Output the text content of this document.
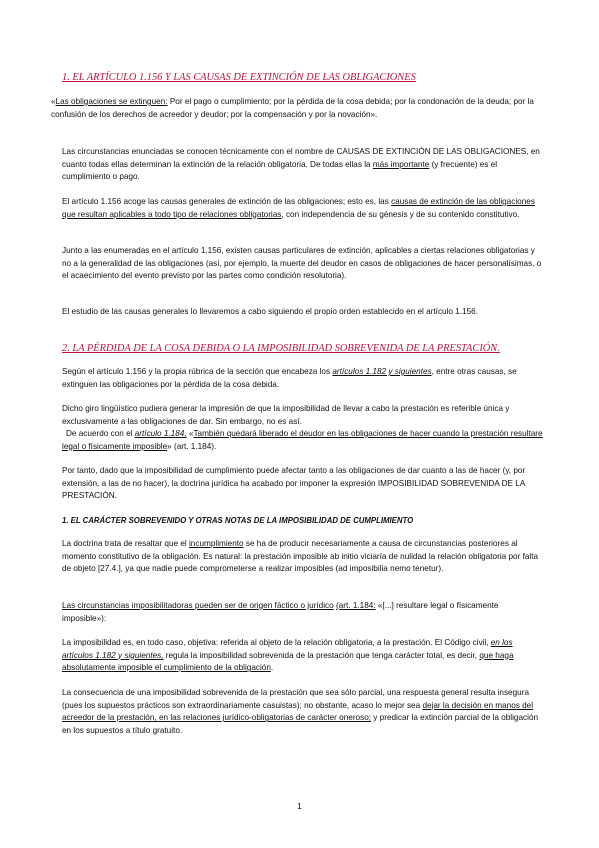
1. EL ARTÍCULO 1.156 Y LAS CAUSAS DE EXTINCIÓN DE LAS OBLIGACIONES

«Las obligaciones se extinguen: Por el pago o cumplimiento; por la pérdida de la cosa debida; por la condonación de la deuda; por la confusión de los derechos de acreedor y deudor; por la compensación y por la novación».

Las circunstancias enunciadas se conocen técnicamente con el nombre de CAUSAS DE EXTINCIÓN DE LAS OBLIGACIONES, en cuanto todas ellas determinan la extinción de la relación obligatoria. De todas ellas la más importante (y frecuente) es el cumplimiento o pago.

El artículo 1.156 acoge las causas generales de extinción de las obligaciones; esto es, las causas de extinción de las obligaciones que resultan aplicables a todo tipo de relaciones obligatorias, con independencia de su génesis y de su contenido constitutivo.

Junto a las enumeradas en el artículo 1.156, existen causas particulares de extinción, aplicables a ciertas relaciones obligatorias y no a la generalidad de las obligaciones (así, por ejemplo, la muerte del deudor en casos de obligaciones de hacer personalísimas, o el acaecimiento del evento previsto por las partes como condición resolutoria).

El estudio de las causas generales lo llevaremos a cabo siguiendo el propio orden establecido en el artículo 1.156.

2. LA PÉRDIDA DE LA COSA DEBIDA O LA IMPOSIBILIDAD SOBREVENIDA DE LA PRESTACIÓN.

Según el artículo 1.156 y la propia rúbrica de la sección que encabeza los artículos 1.182 y siguientes, entre otras causas, se extinguen las obligaciones por la pérdida de la cosa debida.

Dicho giro lingüístico pudiera generar la impresión de que la imposibilidad de llevar a cabo la prestación es referible única y exclusivamente a las obligaciones de dar. Sin embargo, no es así.

De acuerdo con el artículo 1.184, «También quedará liberado el deudor en las obligaciones de hacer cuando la prestación resultare legal o físicamente imposible» (art. 1.184).

Por tanto, dado que la imposibilidad de cumplimiento puede afectar tanto a las obligaciones de dar cuanto a las de hacer (y, por extensión, a las de no hacer), la doctrina jurídica ha acabado por imponer la expresión IMPOSIBILIDAD SOBREVENIDA DE LA PRESTACIÓN.

1. EL CARÁCTER SOBREVENIDO Y OTRAS NOTAS DE LA IMPOSIBILIDAD DE CUMPLIMIENTO

La doctrina trata de resaltar que el incumplimiento se ha de producir necesariamente a causa de circunstancias posteriores al momento constitutivo de la obligación. Es natural: la prestación imposible ab initio viciaría de nulidad la relación obligatoria por falta de objeto [27.4.], ya que nadie puede comprometerse a realizar imposibles (ad imposibilia nemo tenetur).

Las circunstancias imposibilitadoras pueden ser de origen fáctico o jurídico (art. 1.184: «[...] resultare legal o físicamente imposible»):

La imposibilidad es, en todo caso, objetiva: referida al objeto de la relación obligatoria, a la prestación. El Código civil, en los artículos 1.182 y siguientes, regula la imposibilidad sobrevenida de la prestación que tenga carácter total, es decir, que haga absolutamente imposible el cumplimiento de la obligación.

La consecuencia de una imposibilidad sobrevenida de la prestación que sea sólo parcial, una respuesta general resulta insegura (pues los supuestos prácticos son extraordinariamente casuistas); no obstante, acaso lo mejor sea dejar la decisión en manos del acreedor de la prestación, en las relaciones jurídico-obligatorias de carácter oneroso; y predicar la extinción parcial de la obligación en los supuestos a título gratuito.

1
